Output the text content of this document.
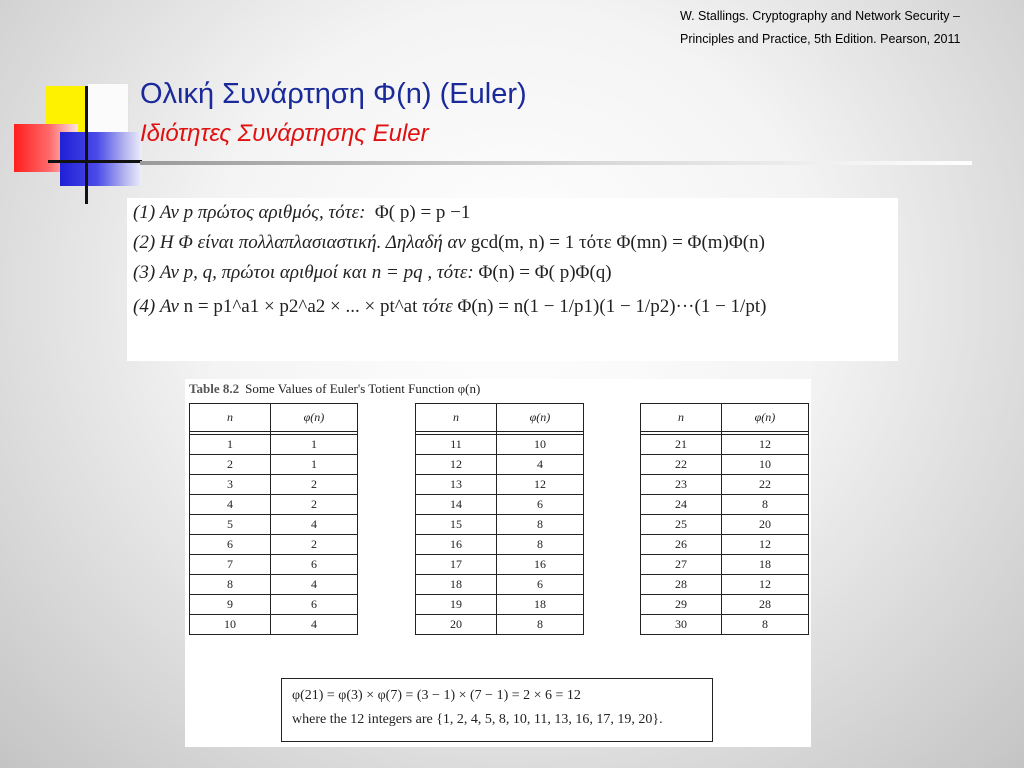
W. Stallings. Cryptography and Network Security –
Principles and Practice, 5th Edition. Pearson, 2011
Ολική Συνάρτηση Φ(n) (Euler)
Ιδιότητες Συνάρτησης Euler
(1) Αν p πρώτος αριθμός, τότε: Φ( p) = p −1
(2) Η Φ είναι πολλαπλασιαστική. Δηλαδή αν gcd(m, n) = 1 τότε Φ(mn) = Φ(m)Φ(n)
(3) Αν p, q, πρώτοι αριθμοί και n = pq , τότε: Φ(n) = Φ( p)Φ(q)
(4) Αν n = p1^a1 × p2^a2 × ... × pt^at τότε Φ(n) = n(1 − 1/p1)(1 − 1/p2)···(1 − 1/pt)
Table 8.2 Some Values of Euler's Totient Function φ(n)
n	φ(n)

1	1
2	1
3	2
4	2
5	4
6	2
7	6
8	4
9	6
10	4
n	φ(n)

11	10
12	4
13	12
14	6
15	8
16	8
17	16
18	6
19	18
20	8
n	φ(n)

21	12
22	10
23	22
24	8
25	20
26	12
27	18
28	12
29	28
30	8
φ(21) = φ(3) × φ(7) = (3 − 1) × (7 − 1) = 2 × 6 = 12
where the 12 integers are {1, 2, 4, 5, 8, 10, 11, 13, 16, 17, 19, 20}.
